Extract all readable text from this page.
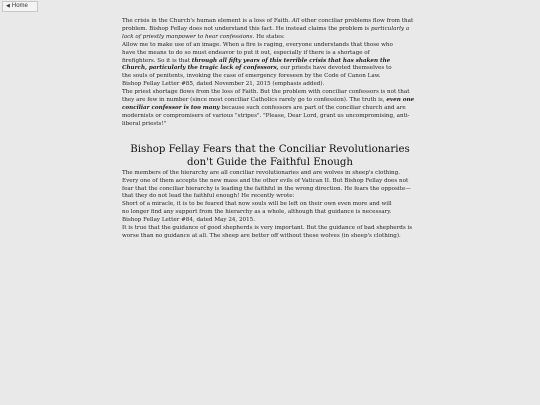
◀ Home

The crisis in the Church's human element is a loss of Faith. All other conciliar problems flow from that problem. Bishop Fellay does not understand this fact. He instead claims the problem is particularly a lack of priestly manpower to hear confessions. He states:

Allow me to make use of an image. When a fire is raging, everyone understands that those who have the means to do so must endeavor to put it out, especially if there is a shortage of firefighters. So it is that through all fifty years of this terrible crisis that has shaken the Church, particularly the tragic lack of confessors, our priests have devoted themselves to the souls of penitents, invoking the case of emergency foreseen by the Code of Canon Law.

Bishop Fellay Letter #85, dated November 21, 2015 (emphasis added).

The priest shortage flows from the loss of Faith. But the problem with conciliar confessors is not that they are few in number (since most conciliar Catholics rarely go to confession). The truth is, even one conciliar confessor is too many because such confessors are part of the conciliar church and are modernists or compromisers of various "stripes". "Please, Dear Lord, grant us uncompromising, anti-liberal priests!"

Bishop Fellay Fears that the Conciliar Revolutionaries don't Guide the Faithful Enough

The members of the hierarchy are all conciliar revolutionaries and are wolves in sheep's clothing. Every one of them accepts the new mass and the other evils of Vatican II. But Bishop Fellay does not fear that the conciliar hierarchy is leading the faithful in the wrong direction. He fears the opposite—that they do not lead the faithful enough! He recently wrote:

Short of a miracle, it is to be feared that now souls will be left on their own even more and will no longer find any support from the hierarchy as a whole, although that guidance is necessary.

Bishop Fellay Letter #84, dated May 24, 2015.

It is true that the guidance of good shepherds is very important. But the guidance of bad shepherds is worse than no guidance at all. The sheep are better off without these wolves (in sheep's clothing).
